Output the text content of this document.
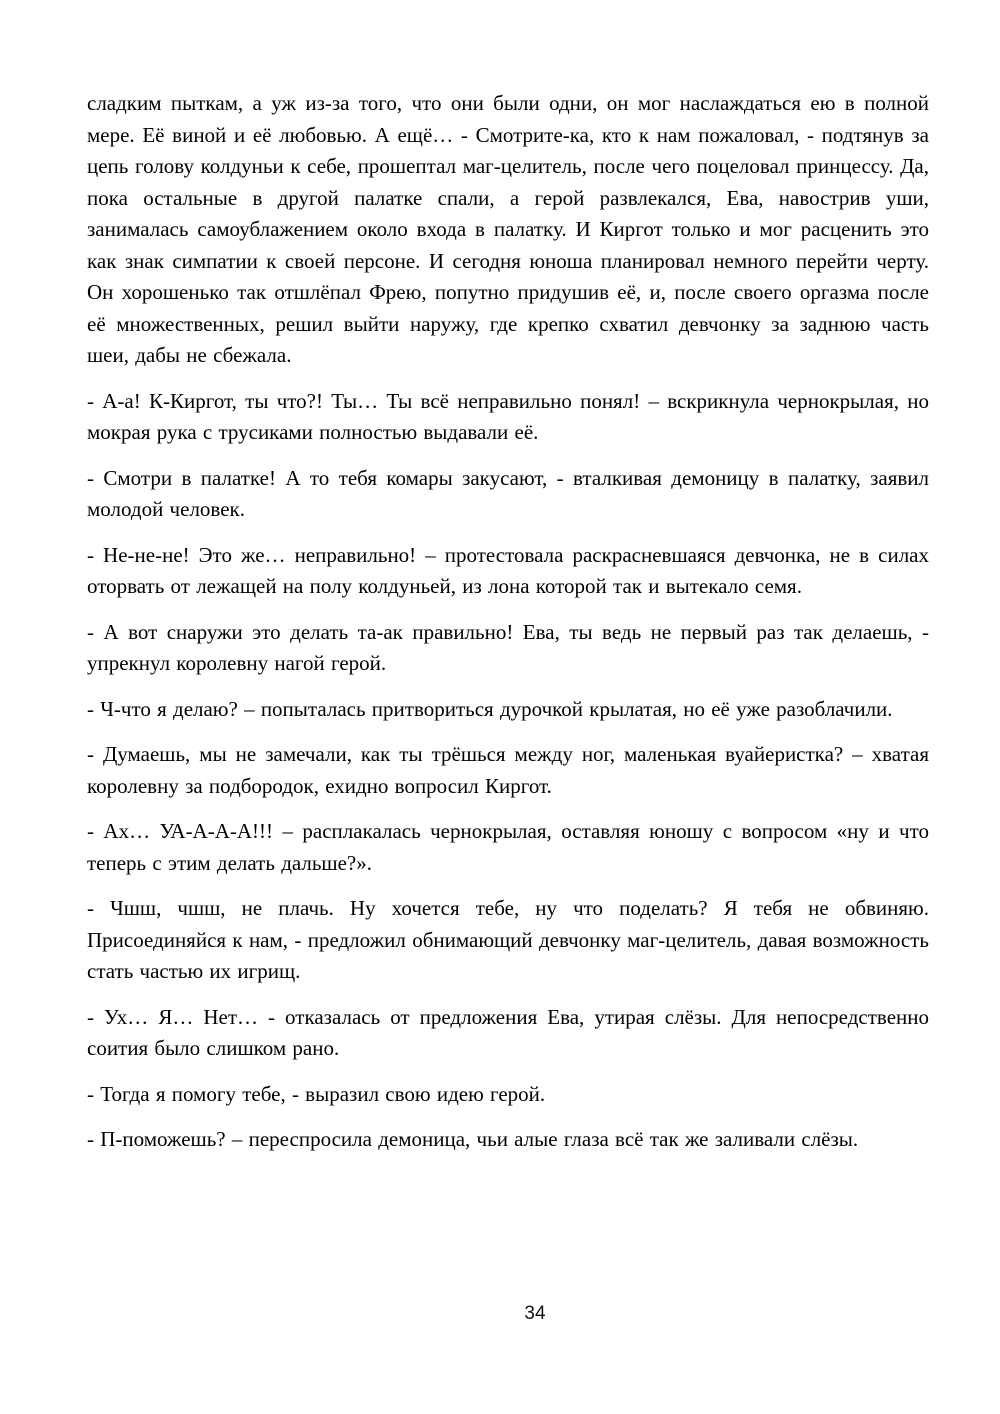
сладким пыткам, а уж из-за того, что они были одни, он мог наслаждаться ею в полной мере. Её виной и её любовью. А ещё… - Смотрите-ка, кто к нам пожаловал, - подтянув за цепь голову колдуньи к себе, прошептал маг-целитель, после чего поцеловал принцессу. Да, пока остальные в другой палатке спали, а герой развлекался, Ева, навострив уши, занималась самоублажением около входа в палатку. И Киргот только и мог расценить это как знак симпатии к своей персоне. И сегодня юноша планировал немного перейти черту. Он хорошенько так отшлёпал Фрею, попутно придушив её, и, после своего оргазма после её множественных, решил выйти наружу, где крепко схватил девчонку за заднюю часть шеи, дабы не сбежала.

- А-а! К-Киргот, ты что?! Ты… Ты всё неправильно понял! – вскрикнула чернокрылая, но мокрая рука с трусиками полностью выдавали её.

- Смотри в палатке! А то тебя комары закусают, - вталкивая демоницу в палатку, заявил молодой человек.

- Не-не-не! Это же… неправильно! – протестовала раскрасневшаяся девчонка, не в силах оторвать от лежащей на полу колдуньей, из лона которой так и вытекало семя.

- А вот снаружи это делать та-ак правильно! Ева, ты ведь не первый раз так делаешь, - упрекнул королевну нагой герой.

- Ч-что я делаю? – попыталась притвориться дурочкой крылатая, но её уже разоблачили.

- Думаешь, мы не замечали, как ты трёшься между ног, маленькая вуайеристка? – хватая королевну за подбородок, ехидно вопросил Киргот.

- Ах… УА-А-А-А!!! – расплакалась чернокрылая, оставляя юношу с вопросом «ну и что теперь с этим делать дальше?».

- Чшш, чшш, не плачь. Ну хочется тебе, ну что поделать? Я тебя не обвиняю. Присоединяйся к нам, - предложил обнимающий девчонку маг-целитель, давая возможность стать частью их игрищ.

- Ух… Я… Нет… - отказалась от предложения Ева, утирая слёзы. Для непосредственно соития было слишком рано.

- Тогда я помогу тебе, - выразил свою идею герой.

- П-поможешь? – переспросила демоница, чьи алые глаза всё так же заливали слёзы.

34
